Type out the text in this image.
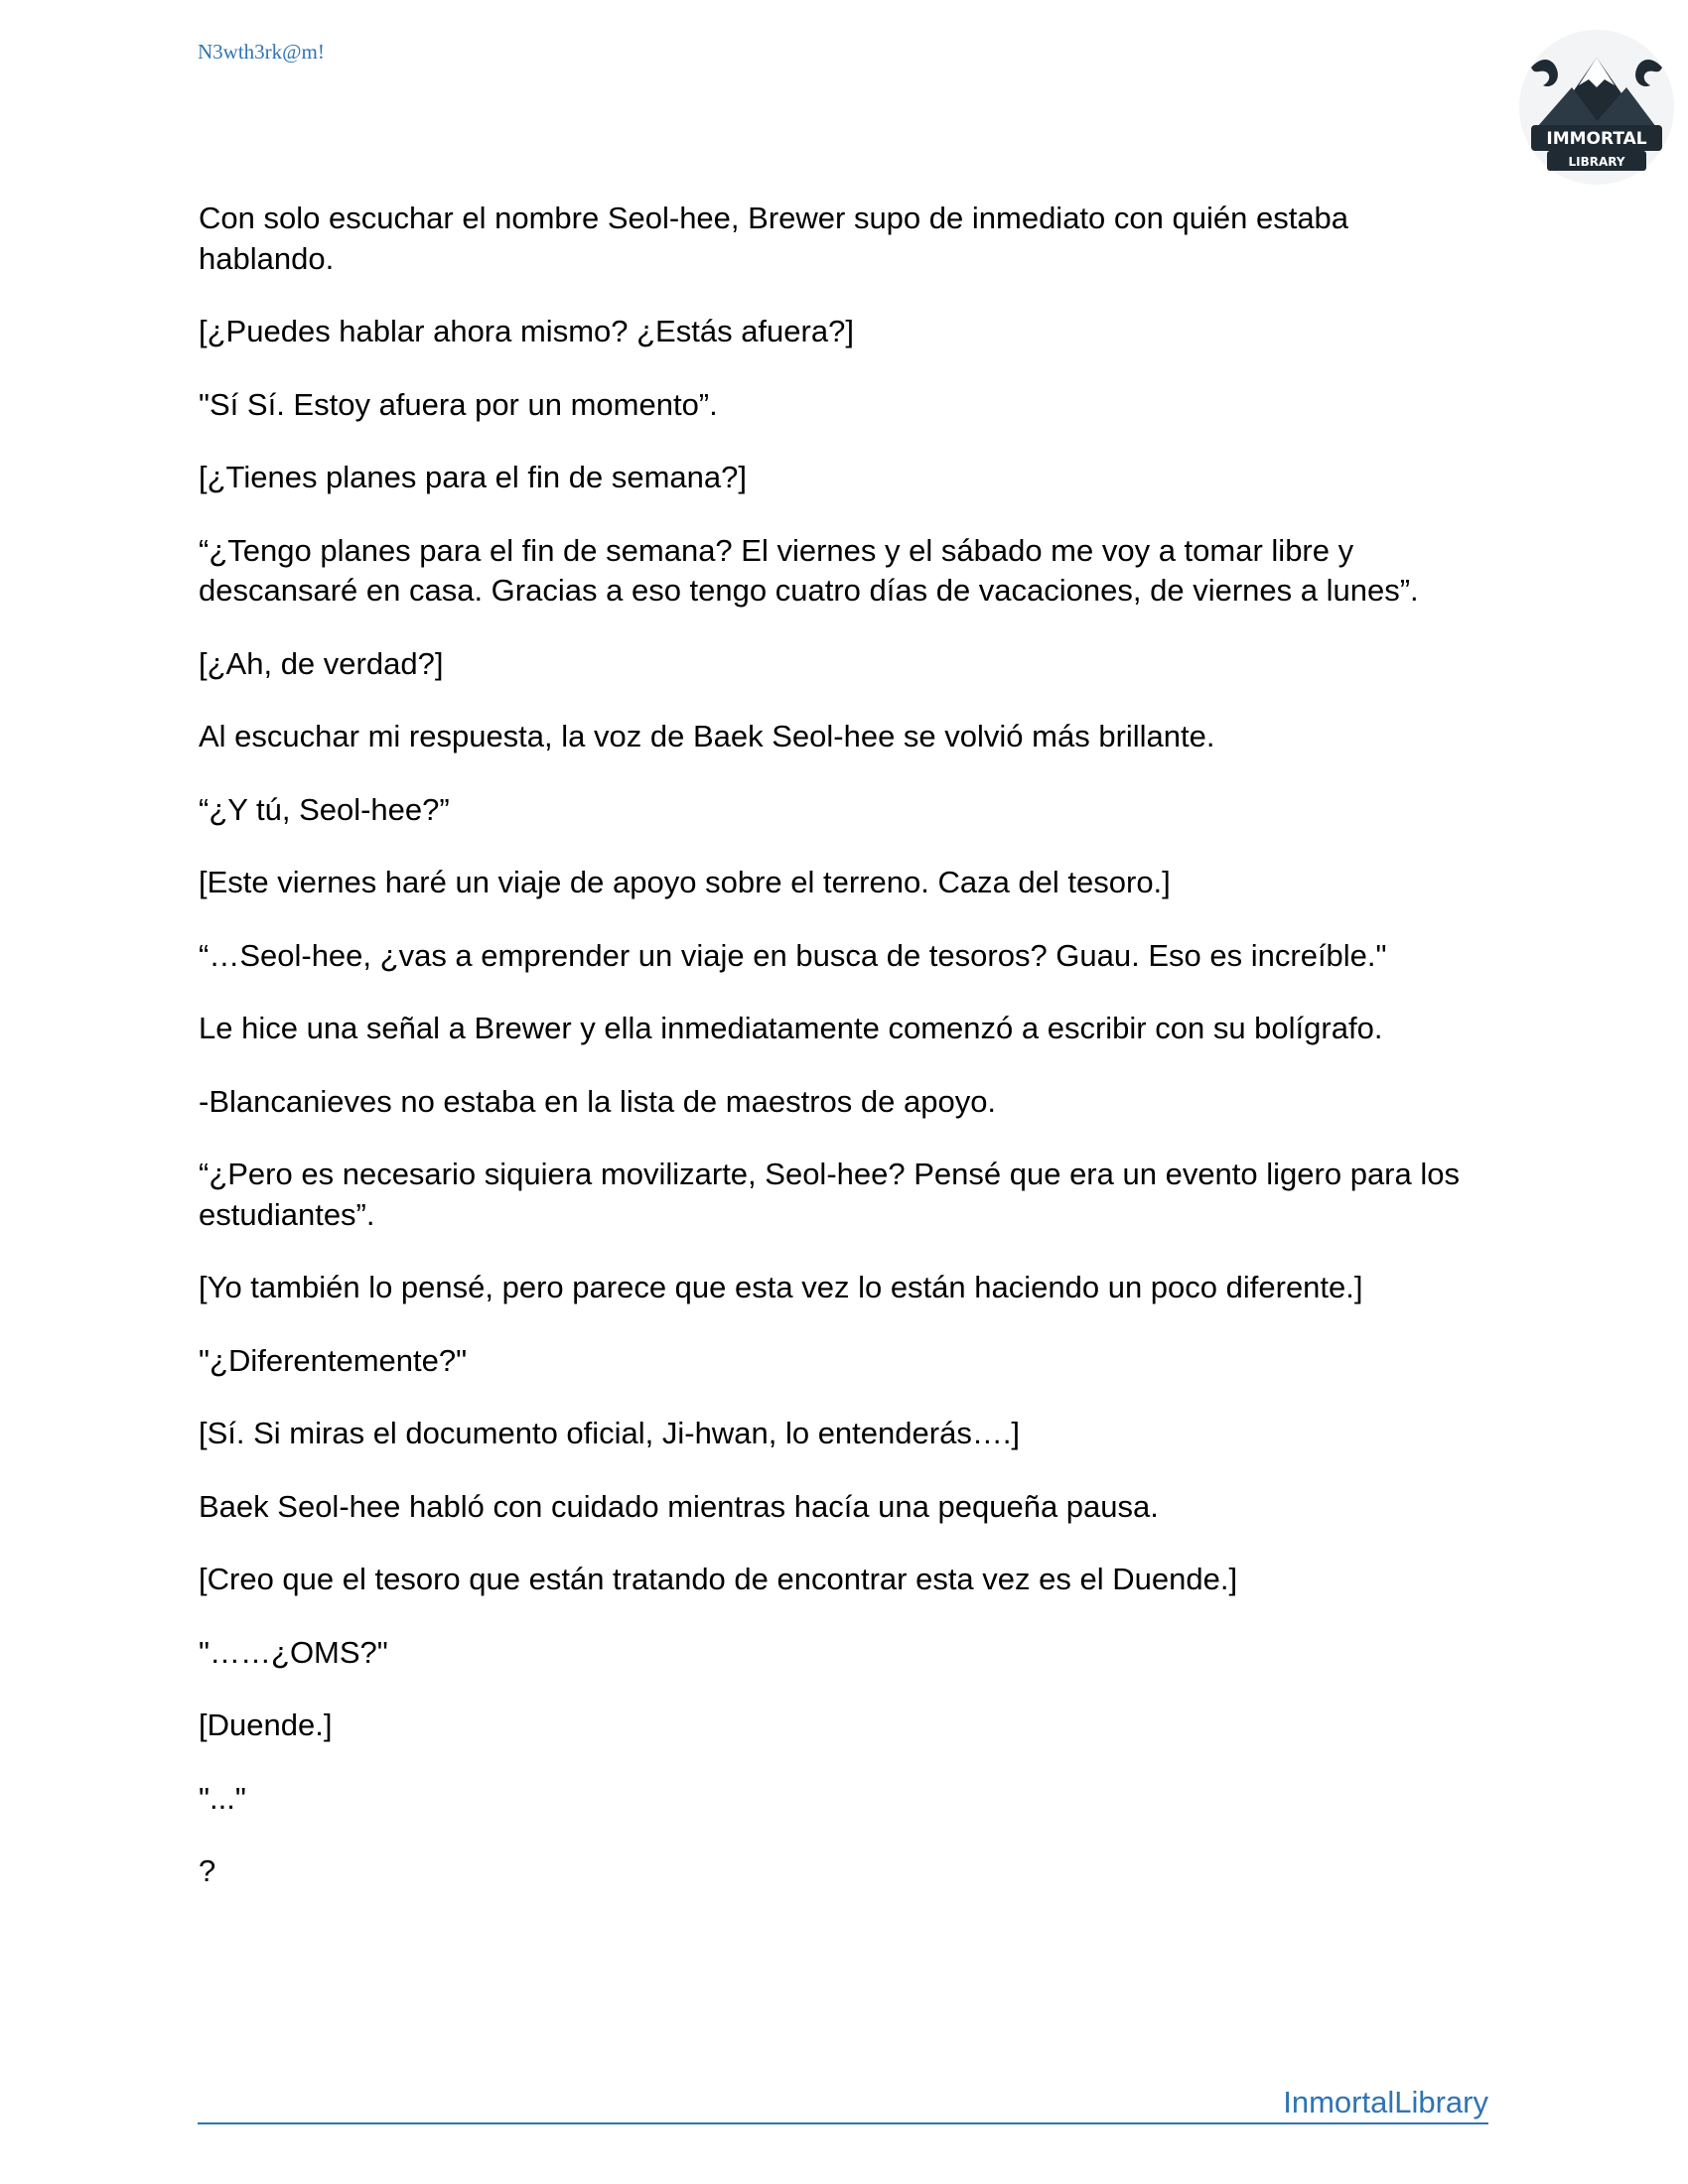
N3wth3rk@m!
IMMORTAL
LIBRARY

Con solo escuchar el nombre Seol-hee, Brewer supo de inmediato con quién estaba hablando.

[¿Puedes hablar ahora mismo? ¿Estás afuera?]

"Sí Sí. Estoy afuera por un momento”.

[¿Tienes planes para el fin de semana?]

“¿Tengo planes para el fin de semana? El viernes y el sábado me voy a tomar libre y descansaré en casa. Gracias a eso tengo cuatro días de vacaciones, de viernes a lunes”.

[¿Ah, de verdad?]

Al escuchar mi respuesta, la voz de Baek Seol-hee se volvió más brillante.

“¿Y tú, Seol-hee?”

[Este viernes haré un viaje de apoyo sobre el terreno. Caza del tesoro.]

“…Seol-hee, ¿vas a emprender un viaje en busca de tesoros? Guau. Eso es increíble."

Le hice una señal a Brewer y ella inmediatamente comenzó a escribir con su bolígrafo.

-Blancanieves no estaba en la lista de maestros de apoyo.

“¿Pero es necesario siquiera movilizarte, Seol-hee? Pensé que era un evento ligero para los estudiantes”.

[Yo también lo pensé, pero parece que esta vez lo están haciendo un poco diferente.]

"¿Diferentemente?"

[Sí. Si miras el documento oficial, Ji-hwan, lo entenderás….]

Baek Seol-hee habló con cuidado mientras hacía una pequeña pausa.

[Creo que el tesoro que están tratando de encontrar esta vez es el Duende.]

"……¿OMS?"

[Duende.]

"..."

?

InmortalLibrary
